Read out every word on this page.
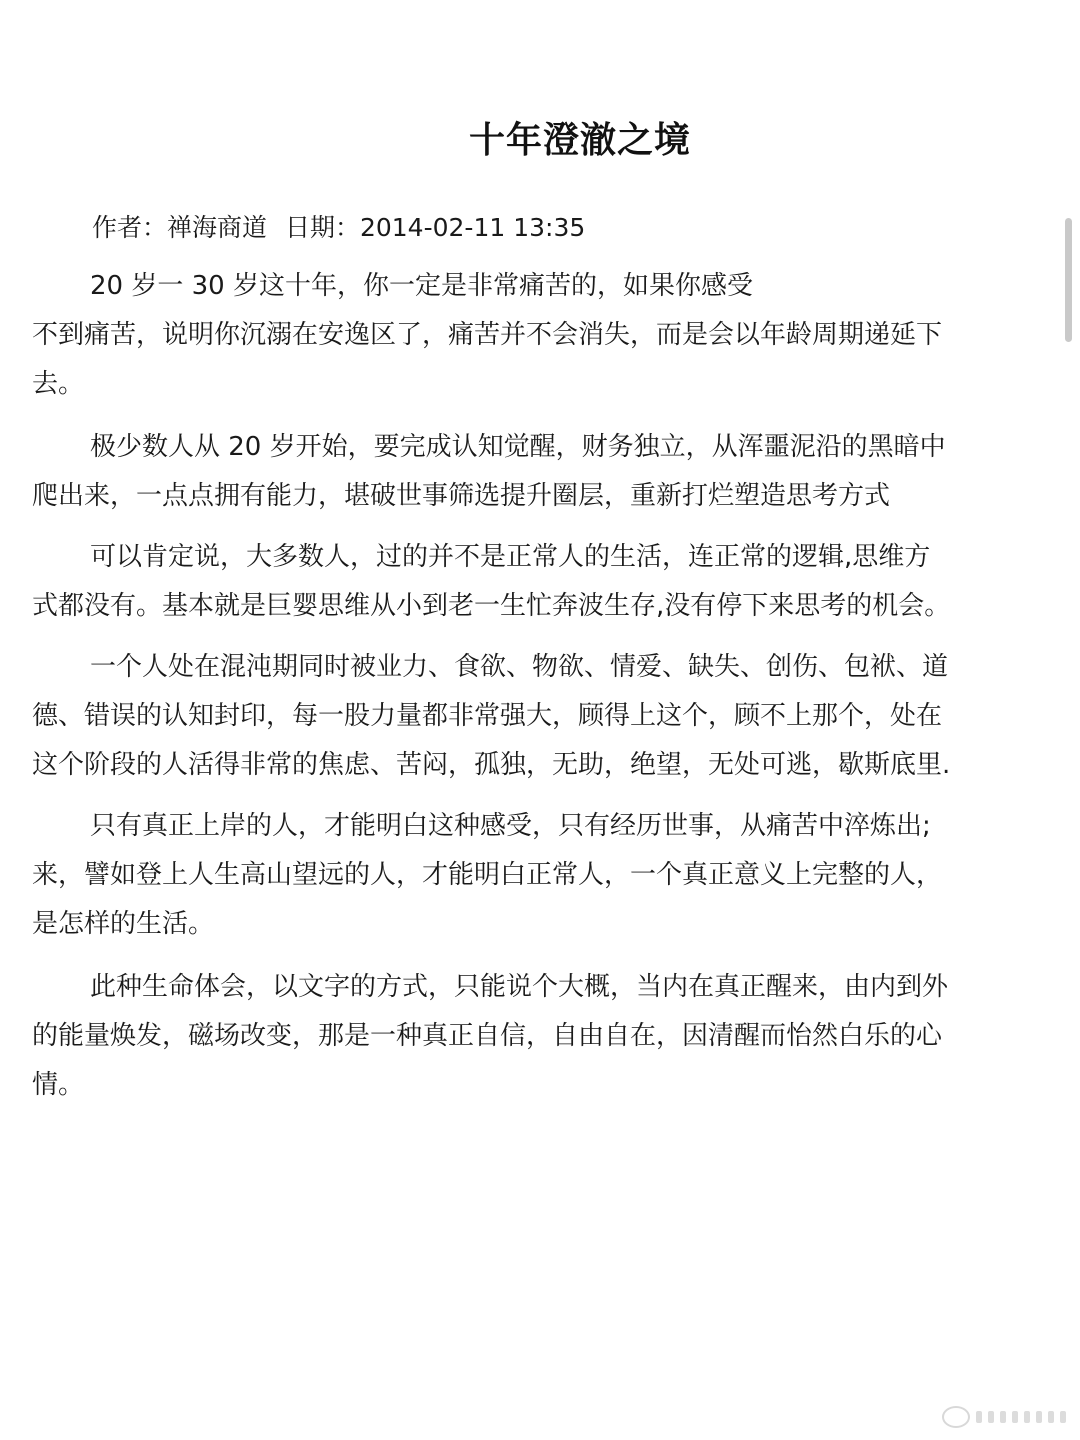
十年澄澈之境
作者：禅海商道 日期：2014-02-11 13:35
20 岁一 30 岁这十年，你一定是非常痛苦的，如果你感受
不到痛苦，说明你沉溺在安逸区了，痛苦并不会消失，而是会以年龄周期递延下
去。
极少数人从 20 岁开始，要完成认知觉醒，财务独立，从浑噩泥沿的黑暗中
爬出来，一点点拥有能力，堪破世事筛选提升圈层，重新打烂塑造思考方式
可以肯定说，大多数人，过的并不是正常人的生活，连正常的逻辑,思维方
式都没有。基本就是巨婴思维从小到老一生忙奔波生存,没有停下来思考的机会。
一个人处在混沌期同时被业力、食欲、物欲、情爱、缺失、创伤、包袱、道
德、错误的认知封印，每一股力量都非常强大，顾得上这个，顾不上那个，处在
这个阶段的人活得非常的焦虑、苦闷，孤独，无助，绝望，无处可逃，歇斯底里.
只有真正上岸的人，才能明白这种感受，只有经历世事，从痛苦中淬炼出;
来，譬如登上人生高山望远的人，才能明白正常人，一个真正意义上完整的人，
是怎样的生活。
此种生命体会，以文字的方式，只能说个大概，当内在真正醒来，由内到外
的能量焕发，磁场改变，那是一种真正自信，自由自在，因清醒而怡然白乐的心
情。
